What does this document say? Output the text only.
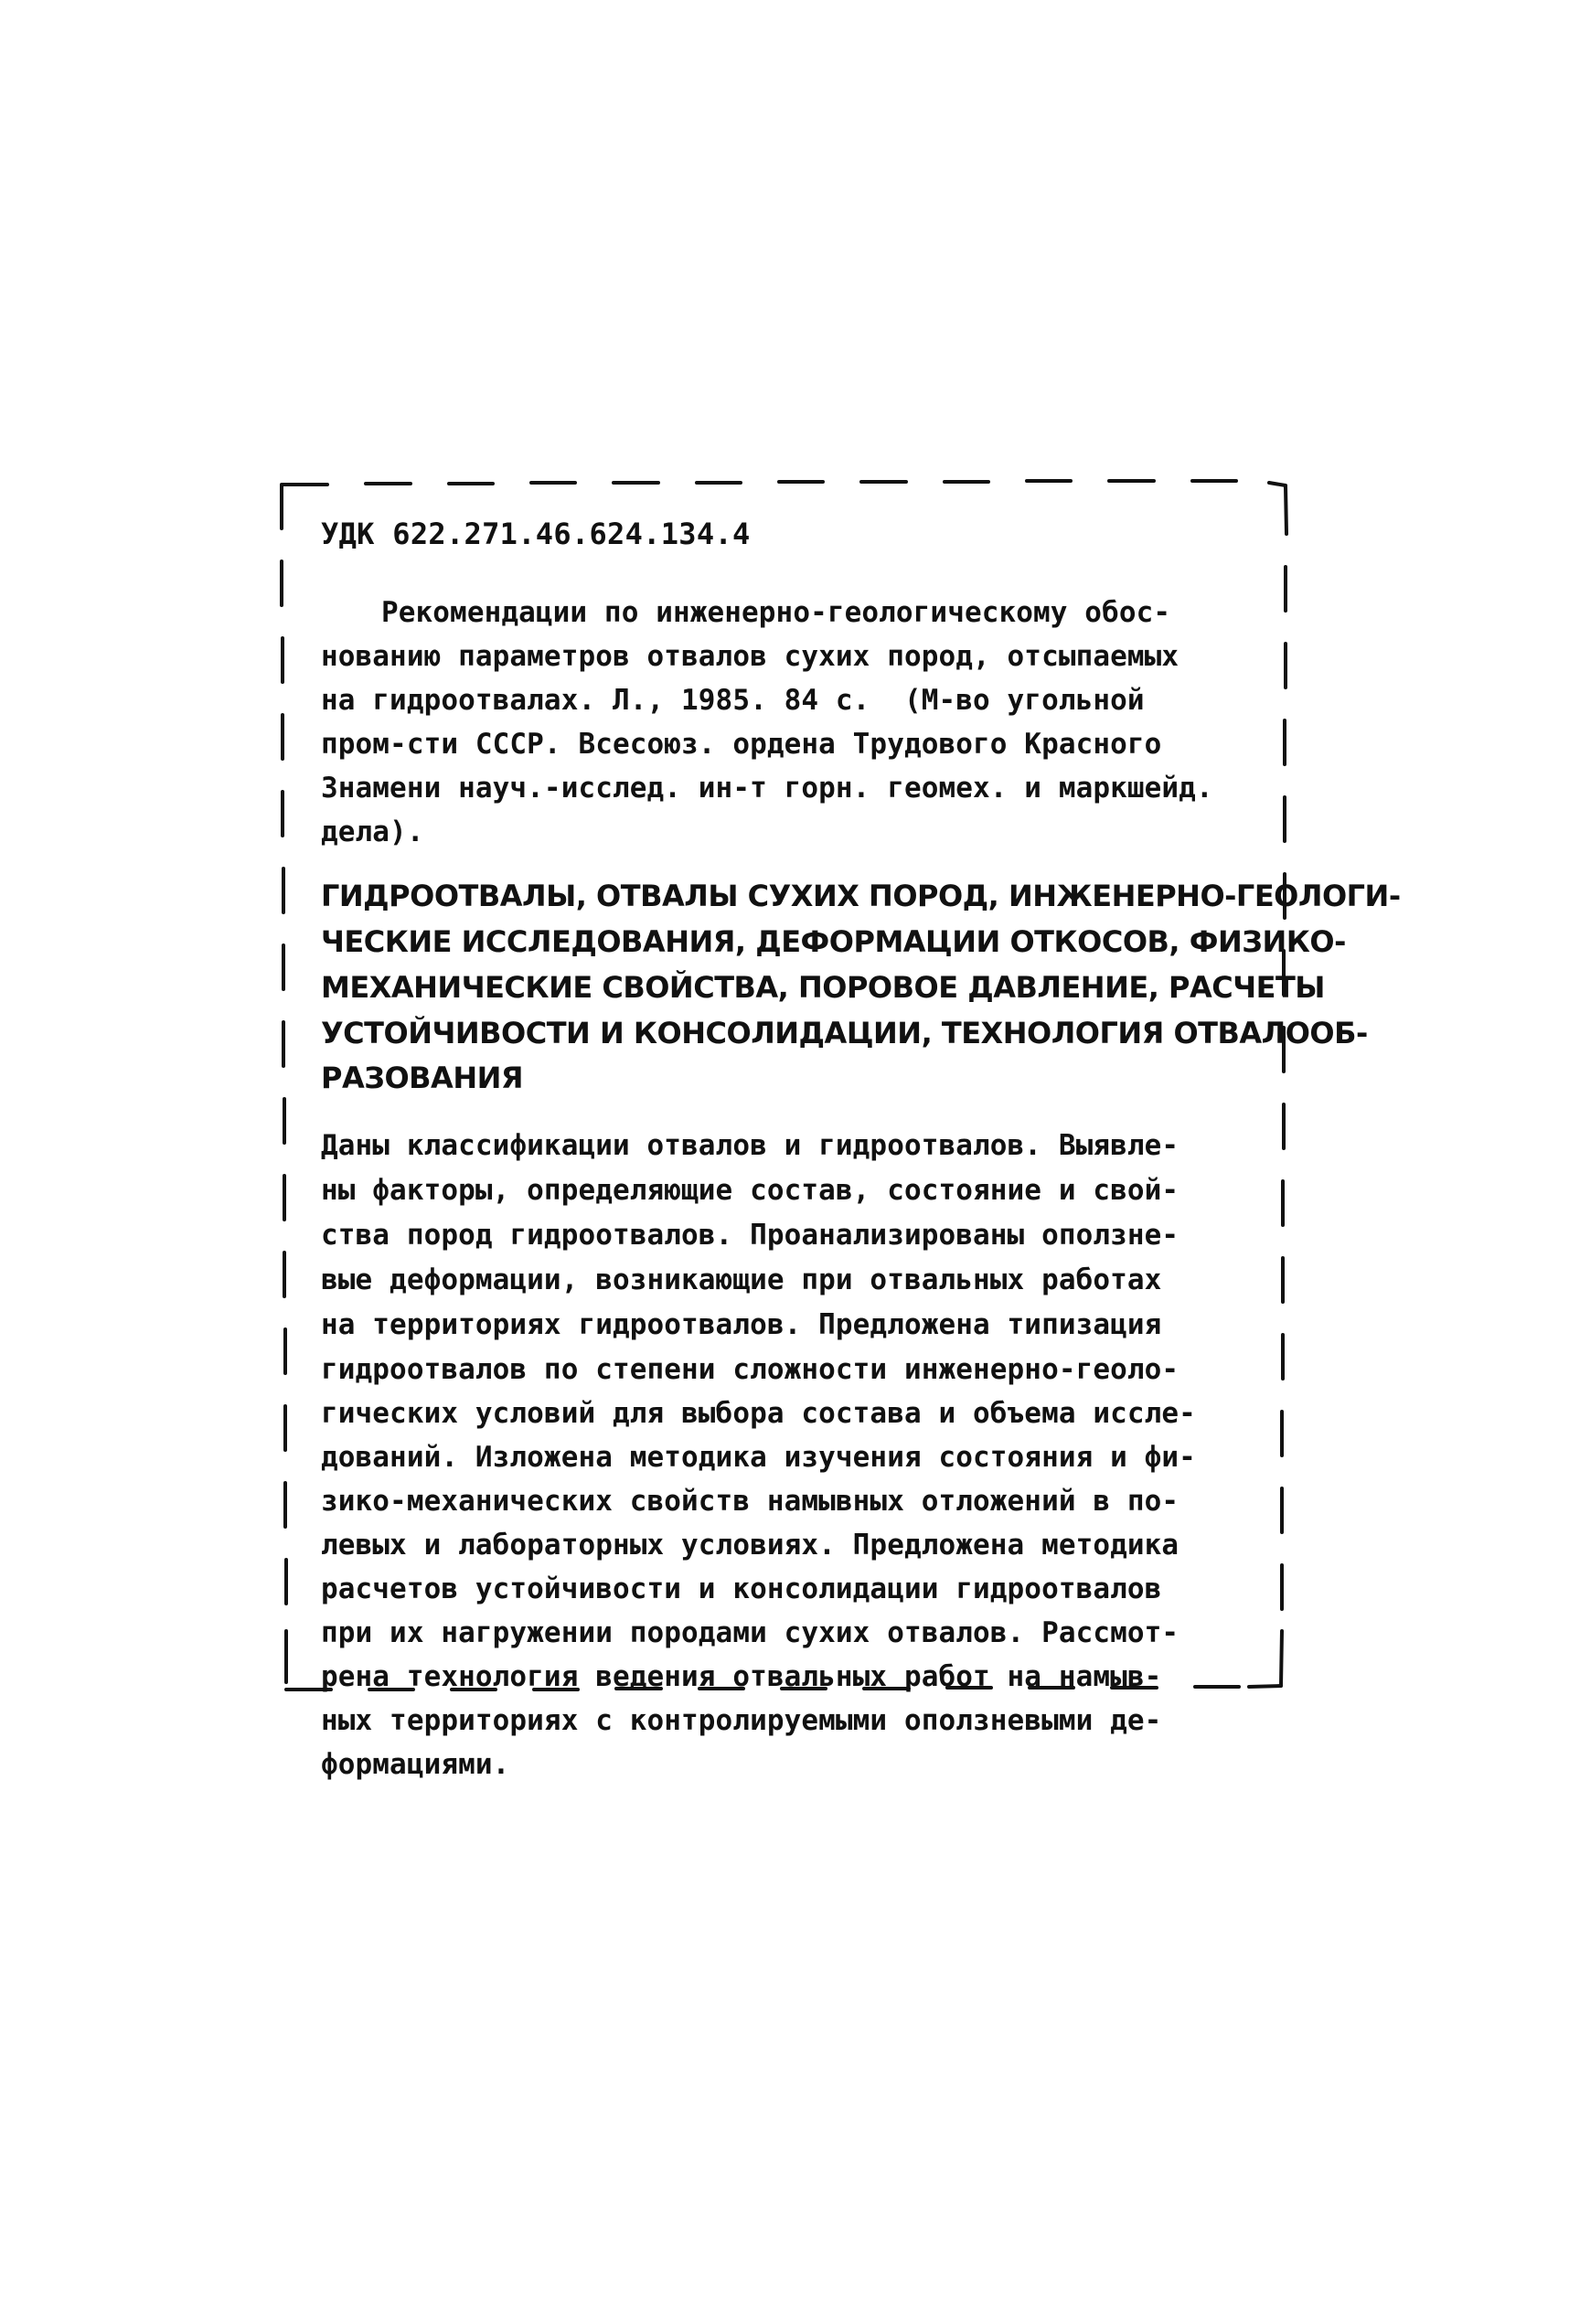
УДК 622.271.46.624.134.4
Рекомендации по инженерно-геологическому обос-
нованию параметров отвалов сухих пород, отсыпаемых
на гидроотвалах. Л., 1985. 84 с.  (М-во угольной
пром-сти СССР. Всесоюз. ордена Трудового Красного
Знамени науч.-исслед. ин-т горн. геомех. и маркшейд.
дела).
ГИДРООТВАЛЫ, ОТВАЛЫ СУХИХ ПОРОД, ИНЖЕНЕРНО-ГЕОЛОГИ-
ЧЕСКИЕ ИССЛЕДОВАНИЯ, ДЕФОРМАЦИИ ОТКОСОВ, ФИЗИКО-
МЕХАНИЧЕСКИЕ СВОЙСТВА, ПОРОВОЕ ДАВЛЕНИЕ, РАСЧЕТЫ
УСТОЙЧИВОСТИ И КОНСОЛИДАЦИИ, ТЕХНОЛОГИЯ ОТВАЛООБ-
РАЗОВАНИЯ
Даны классификации отвалов и гидроотвалов. Выявле-
ны факторы, определяющие состав, состояние и свой-
ства пород гидроотвалов. Проанализированы оползне-
вые деформации, возникающие при отвальных работах
на территориях гидроотвалов. Предложена типизация
гидроотвалов по степени сложности инженерно-геоло-
гических условий для выбора состава и объема иссле-
дований. Изложена методика изучения состояния и фи-
зико-механических свойств намывных отложений в по-
левых и лабораторных условиях. Предложена методика
расчетов устойчивости и консолидации гидроотвалов
при их нагружении породами сухих отвалов. Рассмот-
рена технология ведения отвальных работ на намыв-
ных территориях с контролируемыми оползневыми де-
формациями.
